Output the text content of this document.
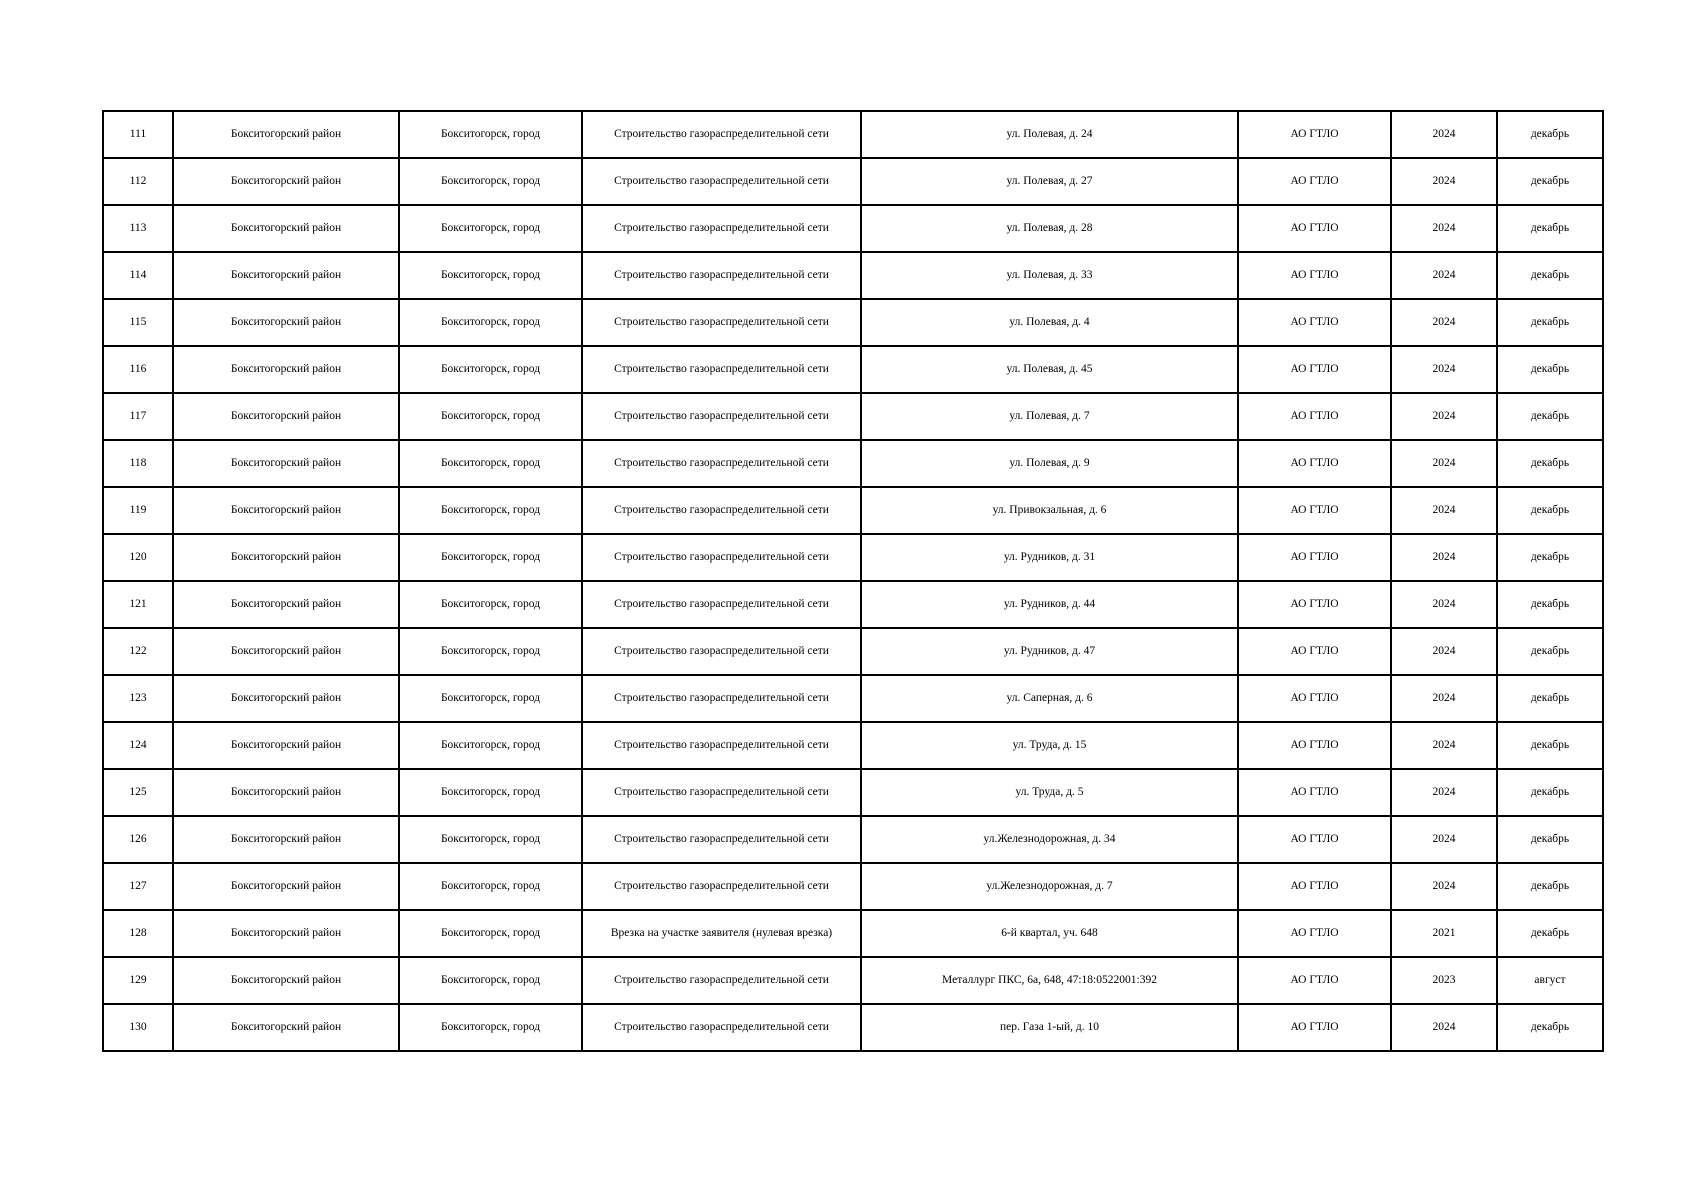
111	Бокситогорский район	Бокситогорск, город	Строительство газораспределительной сети	ул. Полевая, д. 24	АО ГТЛО	2024	декабрь
112	Бокситогорский район	Бокситогорск, город	Строительство газораспределительной сети	ул. Полевая, д. 27	АО ГТЛО	2024	декабрь
113	Бокситогорский район	Бокситогорск, город	Строительство газораспределительной сети	ул. Полевая, д. 28	АО ГТЛО	2024	декабрь
114	Бокситогорский район	Бокситогорск, город	Строительство газораспределительной сети	ул. Полевая, д. 33	АО ГТЛО	2024	декабрь
115	Бокситогорский район	Бокситогорск, город	Строительство газораспределительной сети	ул. Полевая, д. 4	АО ГТЛО	2024	декабрь
116	Бокситогорский район	Бокситогорск, город	Строительство газораспределительной сети	ул. Полевая, д. 45	АО ГТЛО	2024	декабрь
117	Бокситогорский район	Бокситогорск, город	Строительство газораспределительной сети	ул. Полевая, д. 7	АО ГТЛО	2024	декабрь
118	Бокситогорский район	Бокситогорск, город	Строительство газораспределительной сети	ул. Полевая, д. 9	АО ГТЛО	2024	декабрь
119	Бокситогорский район	Бокситогорск, город	Строительство газораспределительной сети	ул. Привокзальная, д. 6	АО ГТЛО	2024	декабрь
120	Бокситогорский район	Бокситогорск, город	Строительство газораспределительной сети	ул. Рудников, д. 31	АО ГТЛО	2024	декабрь
121	Бокситогорский район	Бокситогорск, город	Строительство газораспределительной сети	ул. Рудников, д. 44	АО ГТЛО	2024	декабрь
122	Бокситогорский район	Бокситогорск, город	Строительство газораспределительной сети	ул. Рудников, д. 47	АО ГТЛО	2024	декабрь
123	Бокситогорский район	Бокситогорск, город	Строительство газораспределительной сети	ул. Саперная, д. 6	АО ГТЛО	2024	декабрь
124	Бокситогорский район	Бокситогорск, город	Строительство газораспределительной сети	ул. Труда, д. 15	АО ГТЛО	2024	декабрь
125	Бокситогорский район	Бокситогорск, город	Строительство газораспределительной сети	ул. Труда, д. 5	АО ГТЛО	2024	декабрь
126	Бокситогорский район	Бокситогорск, город	Строительство газораспределительной сети	ул.Железнодорожная, д. 34	АО ГТЛО	2024	декабрь
127	Бокситогорский район	Бокситогорск, город	Строительство газораспределительной сети	ул.Железнодорожная, д. 7	АО ГТЛО	2024	декабрь
128	Бокситогорский район	Бокситогорск, город	Врезка на участке заявителя (нулевая врезка)	6-й квартал, уч. 648	АО ГТЛО	2021	декабрь
129	Бокситогорский район	Бокситогорск, город	Строительство газораспределительной сети	Металлург ПКС, 6а, 648, 47:18:0522001:392	АО ГТЛО	2023	август
130	Бокситогорский район	Бокситогорск, город	Строительство газораспределительной сети	пер. Газа 1-ый, д. 10	АО ГТЛО	2024	декабрь
